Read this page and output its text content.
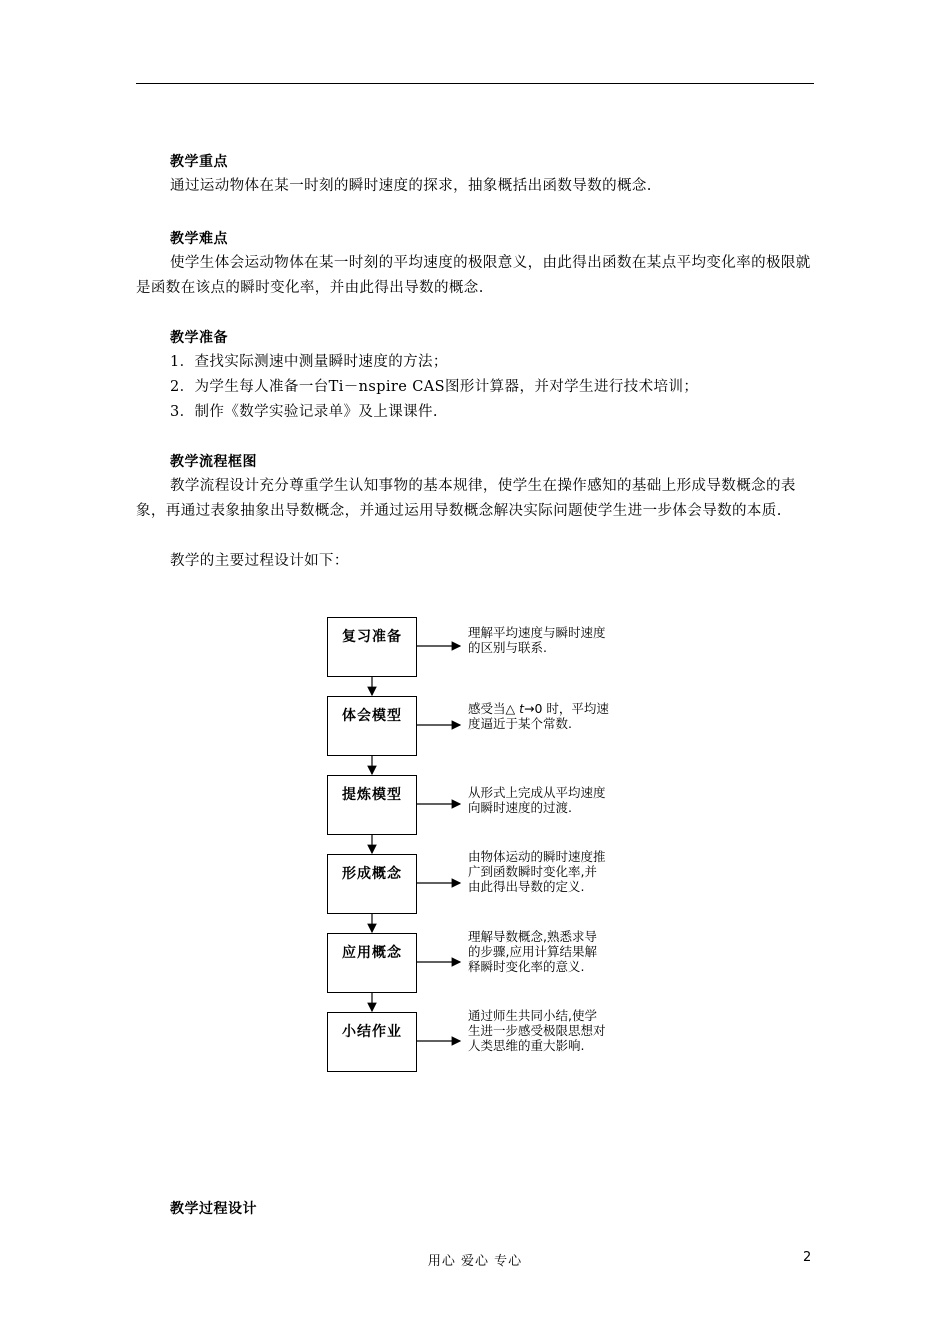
教学重点
通过运动物体在某一时刻的瞬时速度的探求，抽象概括出函数导数的概念.
教学难点
使学生体会运动物体在某一时刻的平均速度的极限意义，由此得出函数在某点平均变化率的极限就是函数在该点的瞬时变化率，并由此得出导数的概念.
教学准备
1．查找实际测速中测量瞬时速度的方法；
2．为学生每人准备一台Ti－nspire CAS图形计算器，并对学生进行技术培训；
3．制作《数学实验记录单》及上课课件.
教学流程框图
教学流程设计充分尊重学生认知事物的基本规律，使学生在操作感知的基础上形成导数概念的表象，再通过表象抽象出导数概念，并通过运用导数概念解决实际问题使学生进一步体会导数的本质.
教学的主要过程设计如下：
复习准备
体会模型
提炼模型
形成概念
应用概念
小结作业
理解平均速度与瞬时速度
的区别与联系.
感受当△ t→0 时，平均速
度逼近于某个常数.
从形式上完成从平均速度
向瞬时速度的过渡.
由物体运动的瞬时速度推
广到函数瞬时变化率,并
由此得出导数的定义.
理解导数概念,熟悉求导
的步骤,应用计算结果解
释瞬时变化率的意义.
通过师生共同小结,使学
生进一步感受极限思想对
人类思维的重大影响.
教学过程设计
用心 爱心 专心	2
